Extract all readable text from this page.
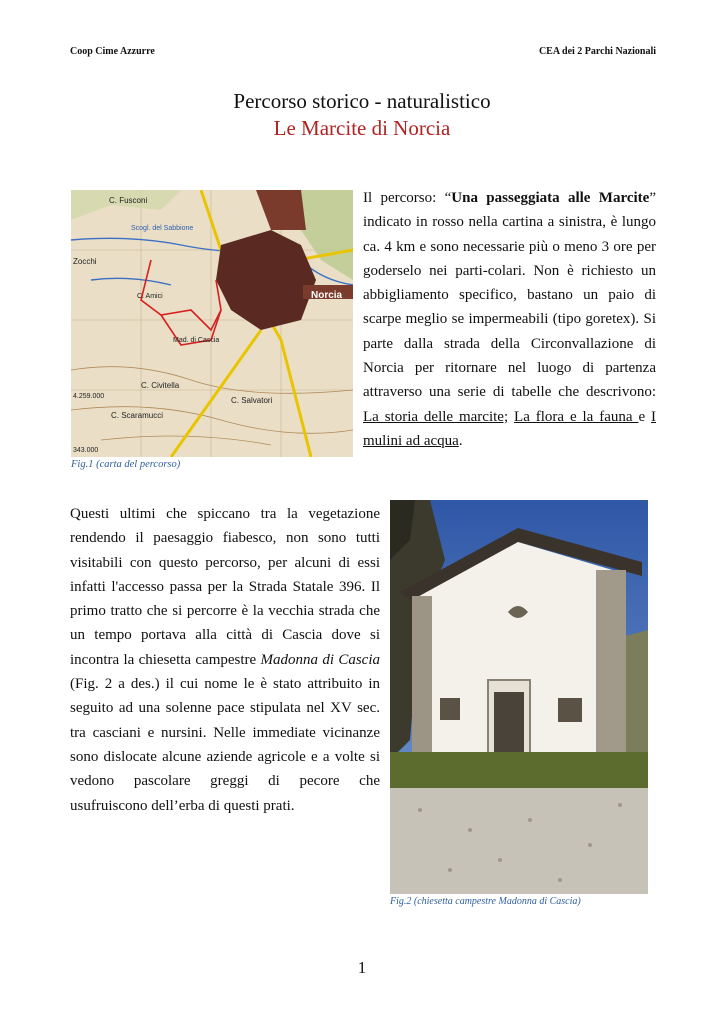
Coop Cime Azzurre	CEA dei 2 Parchi Nazionali
Percorso storico - naturalistico
Le Marcite di Norcia
C. Fusconi
Scogl. del Sabbione
Zocchi
Norcia
C. Amici
Mad. di Cascia
C. Civitella
C. Salvatori
C. Scaramucci
4.259.000
343.000
Fig.1 (carta del percorso)
Il percorso: “Una passeggiata alle Marcite” indicato in rosso nella cartina a sinistra, è lungo ca. 4 km e sono necessarie più o meno 3 ore per goderselo nei parti-colari. Non è richiesto un abbigliamento specifico, bastano un paio di scarpe meglio se impermeabili (tipo goretex). Si parte dalla strada della Circonvallazione di Norcia per ritornare nel luogo di partenza attraverso una serie di tabelle che descrivono: La storia delle marcite; La flora e la fauna e I mulini ad acqua.
Questi ultimi che spiccano tra la vegetazione rendendo il paesaggio fiabesco, non sono tutti visitabili con questo percorso, per alcuni di essi infatti l'accesso passa per la Strada Statale 396. Il primo tratto che si percorre è la vecchia strada che un tempo portava alla città di Cascia dove si incontra la chiesetta campestre Madonna di Cascia (Fig. 2 a des.) il cui nome le è stato attribuito in seguito ad una solenne pace stipulata nel XV sec. tra casciani e nursini. Nelle immediate vicinanze sono dislocate alcune aziende agricole e a volte si vedono pascolare greggi di pecore che usufruiscono dell’erba di questi prati.
Fig.2 (chiesetta campestre Madonna di Cascia)
1
